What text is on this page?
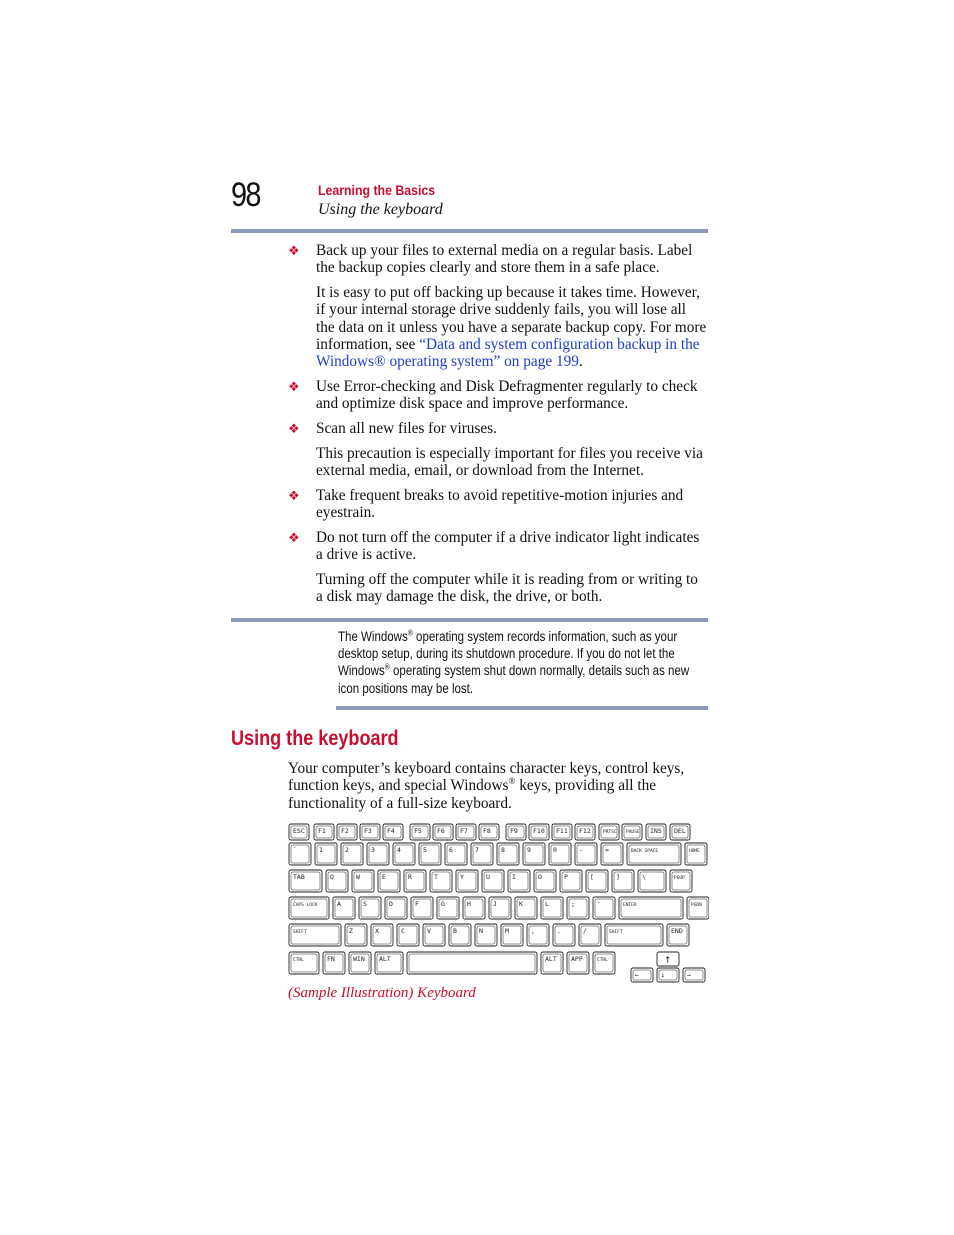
98	Learning the Basics
Using the keyboard
❖ Back up your files to external media on a regular basis. Label the backup copies clearly and store them in a safe place.
It is easy to put off backing up because it takes time. However, if your internal storage drive suddenly fails, you will lose all the data on it unless you have a separate backup copy. For more information, see “Data and system configuration backup in the Windows® operating system” on page 199.
❖ Use Error-checking and Disk Defragmenter regularly to check and optimize disk space and improve performance.
❖ Scan all new files for viruses.
This precaution is especially important for files you receive via external media, email, or download from the Internet.
❖ Take frequent breaks to avoid repetitive-motion injuries and eyestrain.
❖ Do not turn off the computer if a drive indicator light indicates a drive is active.
Turning off the computer while it is reading from or writing to a disk may damage the disk, the drive, or both.
The Windows® operating system records information, such as your desktop setup, during its shutdown procedure. If you do not let the Windows® operating system shut down normally, details such as new icon positions may be lost.
Using the keyboard
Your computer’s keyboard contains character keys, control keys, function keys, and special Windows® keys, providing all the functionality of a full-size keyboard.
ESC F1 F2 F3 F4	F5 F6 F7 F8	F9 F10 F11 F12	PRTSC PAUSE INS DEL
`	1	2	3	4	5	6	7	8	9	0	-	=	BACK SPACE	HOME
TAB	Q	W	E	R	T	Y	U	I	O	P	[	]	\	PGUP
CAPS LOCK	A	S	D	F	G	H	J	K	L	;	'	ENTER	PGDN
SHIFT	Z	X	C	V	B	N	M	,	.	/	SHIFT	END
CTRL	FN	WIN ALT	ALT APP	CTRL
←	↓	→
↑
(Sample Illustration) Keyboard
